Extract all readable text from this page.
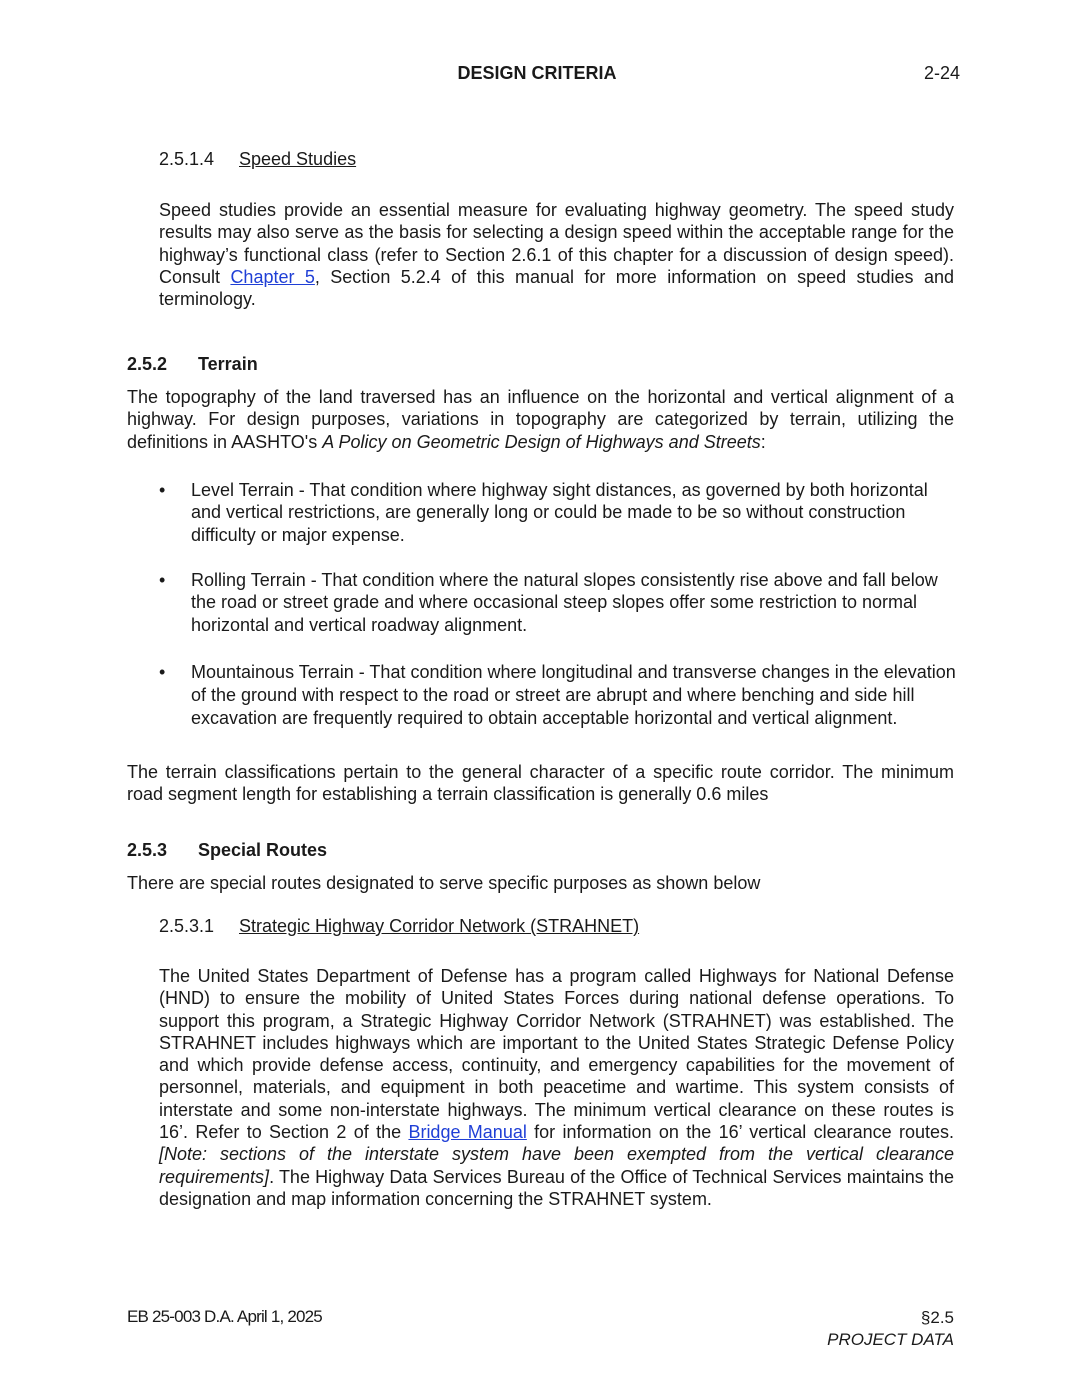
DESIGN CRITERIA	2-24
2.5.1.4 Speed Studies
Speed studies provide an essential measure for evaluating highway geometry. The speed study results may also serve as the basis for selecting a design speed within the acceptable range for the highway’s functional class (refer to Section 2.6.1 of this chapter for a discussion of design speed). Consult Chapter 5, Section 5.2.4 of this manual for more information on speed studies and terminology.
2.5.2 Terrain
The topography of the land traversed has an influence on the horizontal and vertical alignment of a highway. For design purposes, variations in topography are categorized by terrain, utilizing the definitions in AASHTO's A Policy on Geometric Design of Highways and Streets:
•	Level Terrain - That condition where highway sight distances, as governed by both horizontal and vertical restrictions, are generally long or could be made to be so without construction difficulty or major expense.
•	Rolling Terrain - That condition where the natural slopes consistently rise above and fall below the road or street grade and where occasional steep slopes offer some restriction to normal horizontal and vertical roadway alignment.
•	Mountainous Terrain - That condition where longitudinal and transverse changes in the elevation of the ground with respect to the road or street are abrupt and where benching and side hill excavation are frequently required to obtain acceptable horizontal and vertical alignment.
The terrain classifications pertain to the general character of a specific route corridor. The minimum road segment length for establishing a terrain classification is generally 0.6 miles
2.5.3 Special Routes
There are special routes designated to serve specific purposes as shown below
2.5.3.1 Strategic Highway Corridor Network (STRAHNET)
The United States Department of Defense has a program called Highways for National Defense (HND) to ensure the mobility of United States Forces during national defense operations. To support this program, a Strategic Highway Corridor Network (STRAHNET) was established. The STRAHNET includes highways which are important to the United States Strategic Defense Policy and which provide defense access, continuity, and emergency capabilities for the movement of personnel, materials, and equipment in both peacetime and wartime. This system consists of interstate and some non-interstate highways. The minimum vertical clearance on these routes is 16’. Refer to Section 2 of the Bridge Manual for information on the 16’ vertical clearance routes. [Note: sections of the interstate system have been exempted from the vertical clearance requirements]. The Highway Data Services Bureau of the Office of Technical Services maintains the designation and map information concerning the STRAHNET system.
EB 25-003 D.A. April 1, 2025	§2.5
PROJECT DATA
